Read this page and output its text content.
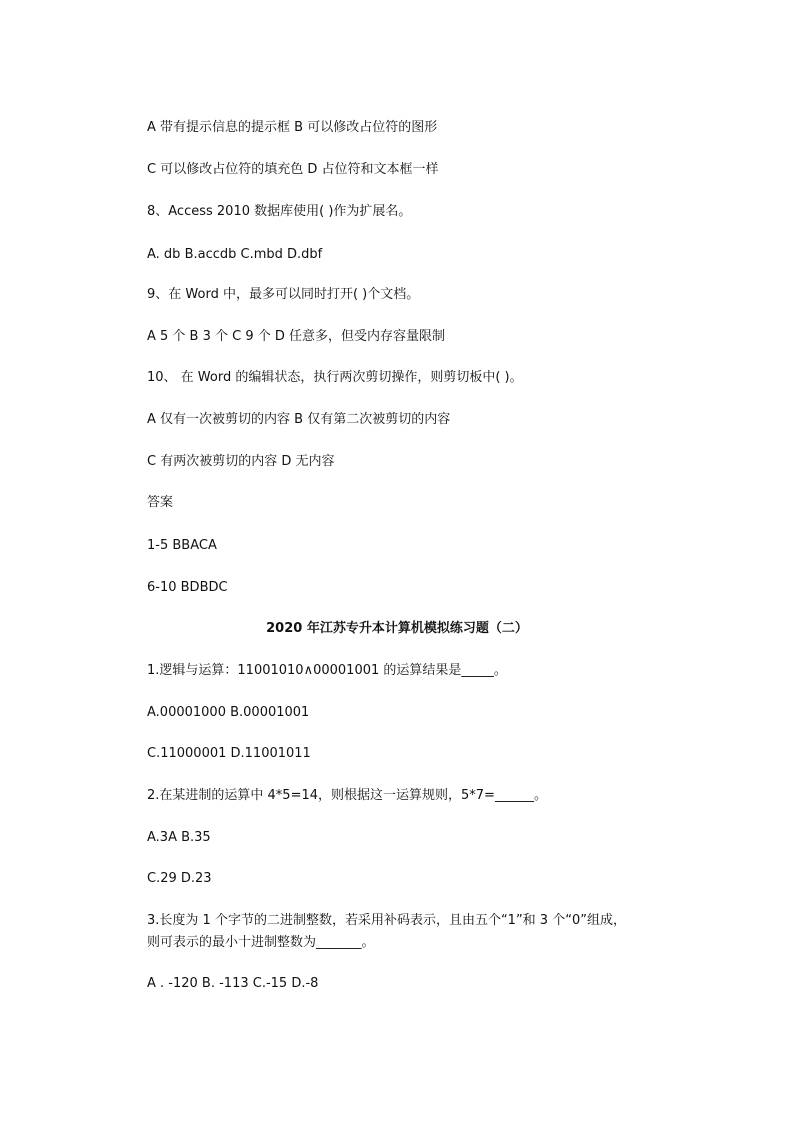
A 带有提示信息的提示框 B 可以修改占位符的图形
C 可以修改占位符的填充色 D 占位符和文本框一样
8、Access 2010 数据库使用( )作为扩展名。
A. db B.accdb C.mbd D.dbf
9、在 Word 中，最多可以同时打开( )个文档。
A 5 个 B 3 个 C 9 个 D 任意多，但受内存容量限制
10、 在 Word 的编辑状态，执行两次剪切操作，则剪切板中( )。
A 仅有一次被剪切的内容 B 仅有第二次被剪切的内容
C 有两次被剪切的内容 D 无内容
答案
1-5 BBACA
6-10 BDBDC
2020 年江苏专升本计算机模拟练习题（二）
1.逻辑与运算：11001010∧00001001 的运算结果是_____。
A.00001000 B.00001001
C.11000001 D.11001011
2.在某进制的运算中 4*5=14，则根据这一运算规则，5*7=______。
A.3A B.35
C.29 D.23
3.长度为 1 个字节的二进制整数，若采用补码表示，且由五个“1”和 3 个“0”组成，
则可表示的最小十进制整数为_______。
A . -120 B. -113 C.-15 D.-8
